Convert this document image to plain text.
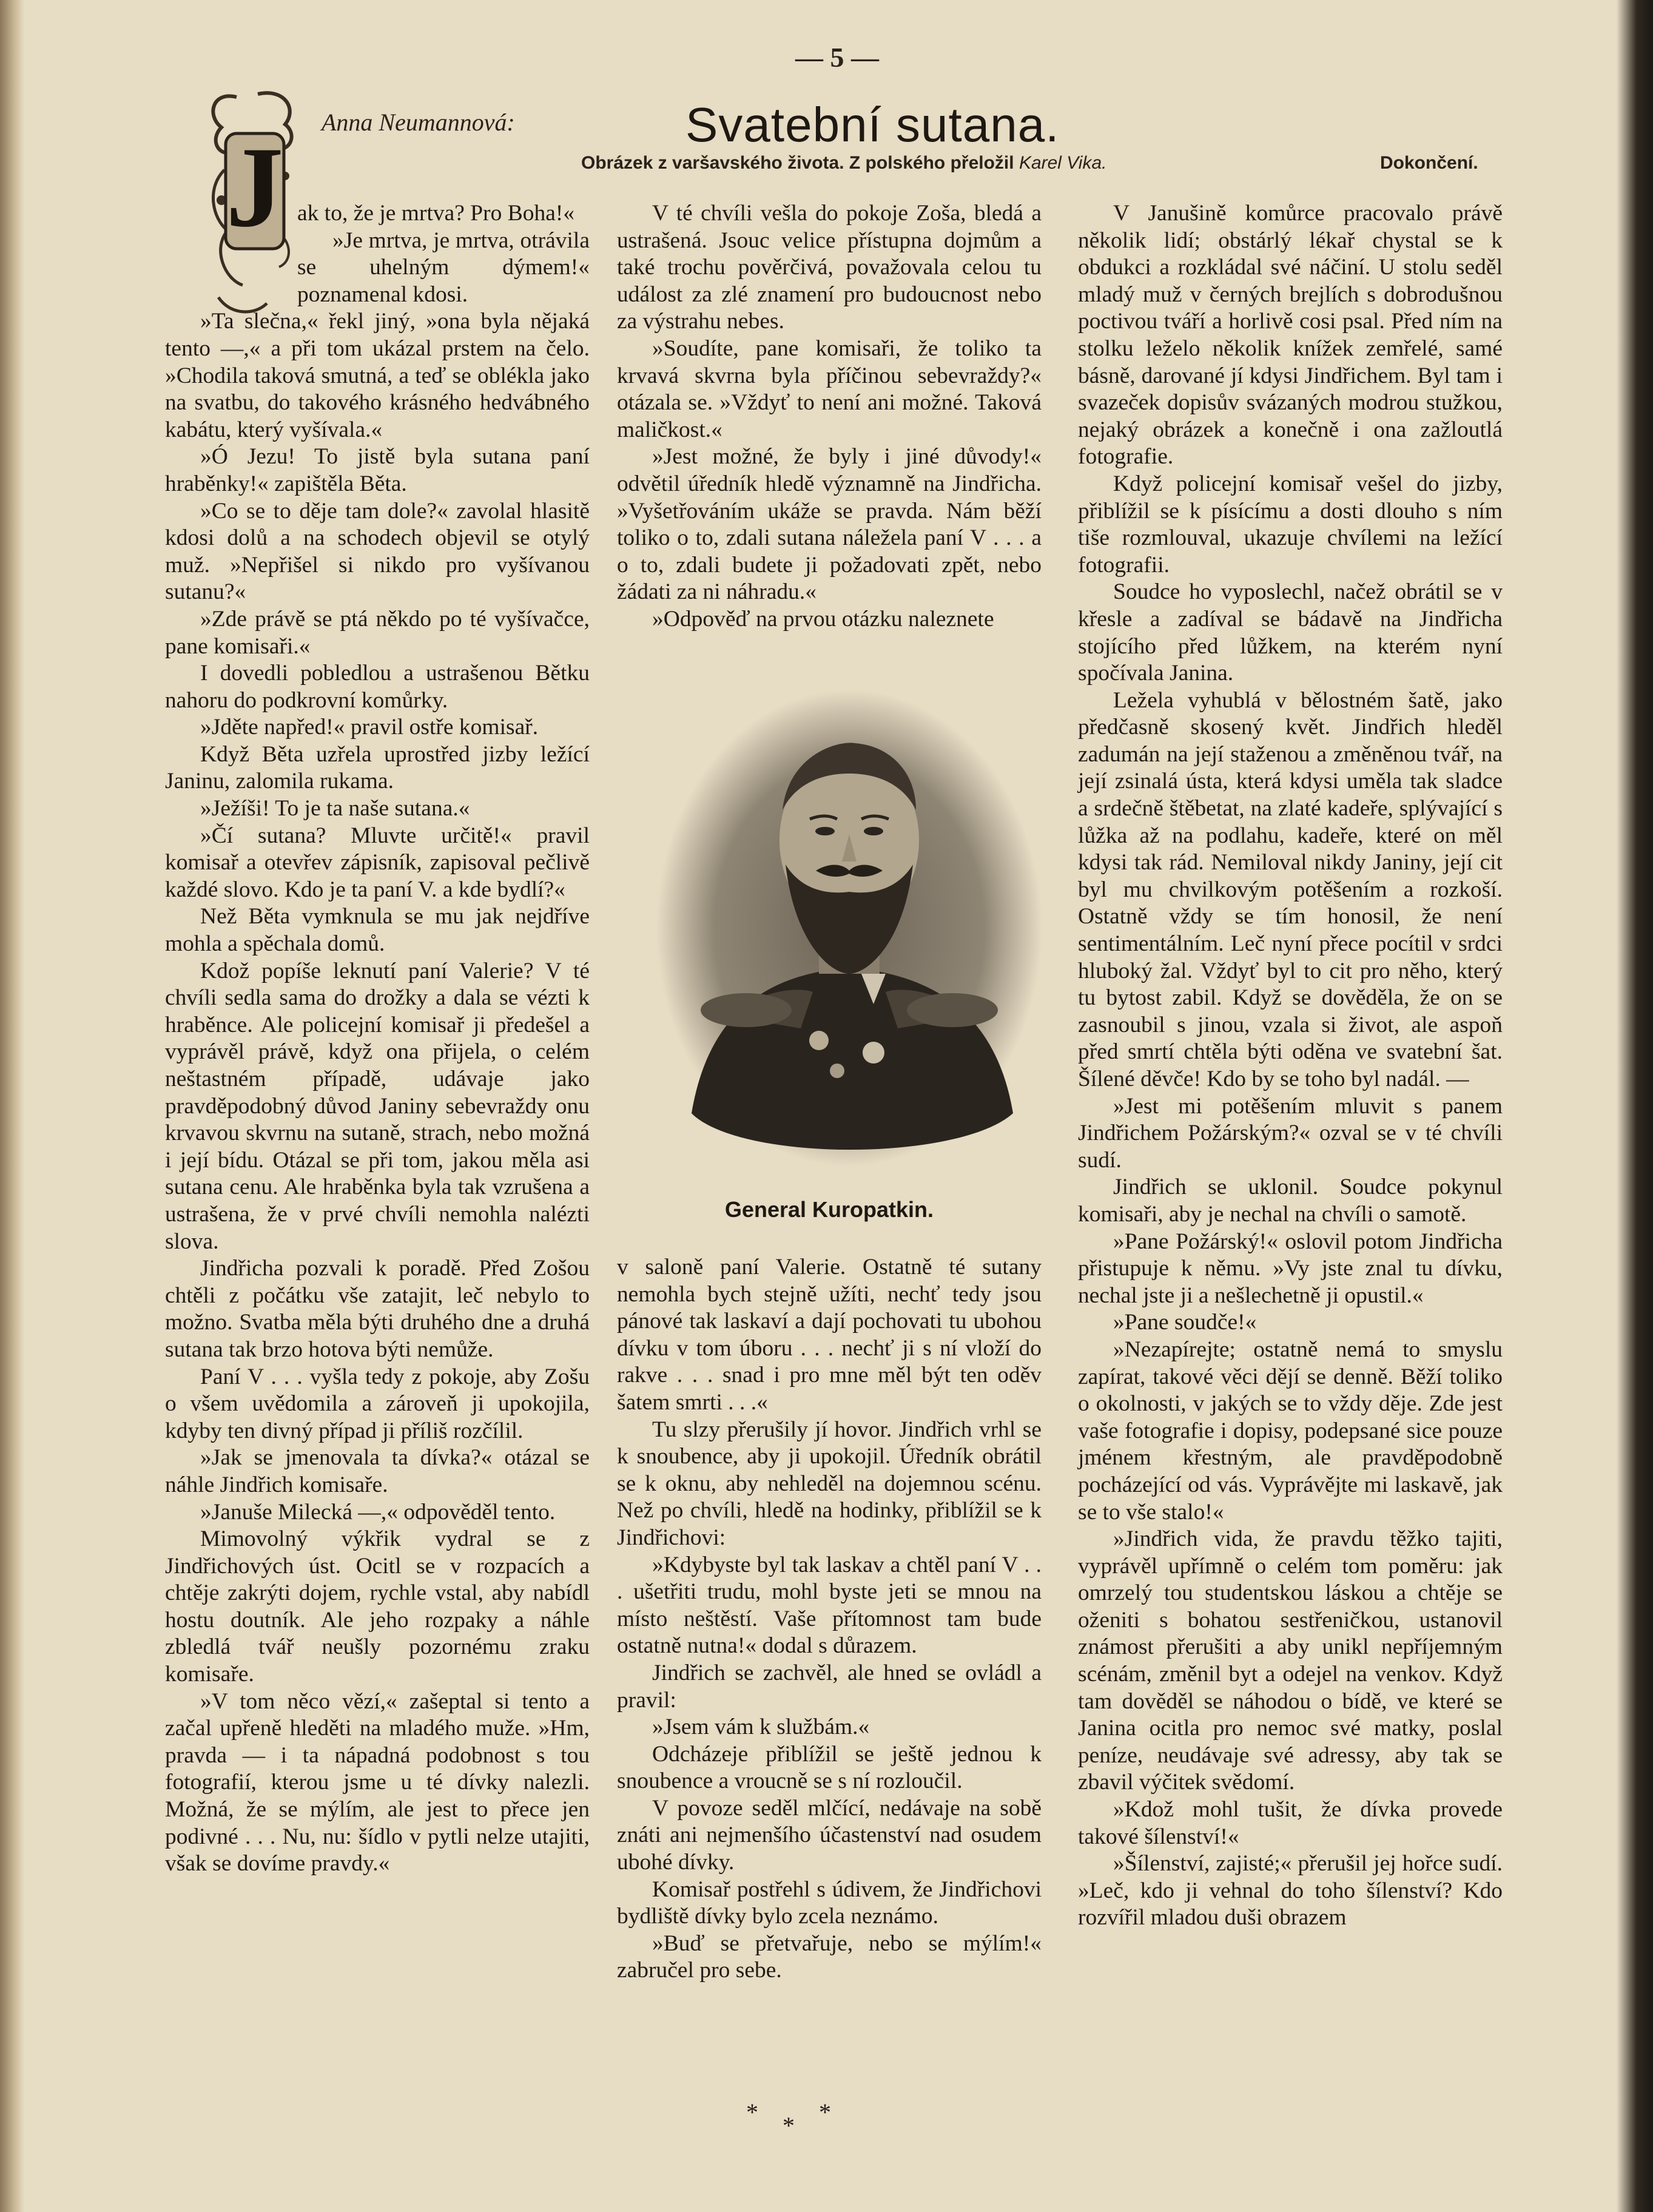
— 5 —
Anna Neumannová:	Svatební sutana.
Obrázek z varšavského života. Z polského přeložil Karel Vika.	Dokončení.
J ak to, že je mrtva? Pro Boha!«

»Je mrtva, je mrtva, otrávila se uhelným dýmem!« poznamenal kdosi.

»Ta slečna,« řekl jiný, »ona byla nějaká tento —,« a při tom ukázal prstem na čelo. »Chodila taková smutná, a teď se oblékla jako na svatbu, do takového krásného hedvábného kabátu, který vyšívala.«

»Ó Jezu! To jistě byla sutana paní hraběnky!« zapištěla Běta.

»Co se to děje tam dole?« zavolal hlasitě kdosi dolů a na schodech objevil se otylý muž. »Nepřišel si nikdo pro vyšívanou sutanu?«

»Zde právě se ptá někdo po té vyšívačce, pane komisaři.«

I dovedli pobledlou a ustrašenou Bětku nahoru do podkrovní komůrky.

»Jděte napřed!« pravil ostře komisař.

Když Běta uzřela uprostřed jizby ležící Janinu, zalomila rukama.

»Ježíši! To je ta naše sutana.«

»Čí sutana? Mluvte určitě!« pravil komisař a otevřev zápisník, zapisoval pečlivě každé slovo. Kdo je ta paní V. a kde bydlí?«

Než Běta vymknula se mu jak nejdříve mohla a spěchala domů.

Kdož popíše leknutí paní Valerie? V té chvíli sedla sama do drožky a dala se vézti k hraběnce. Ale policejní komisař ji předešel a vyprávěl právě, když ona přijela, o celém neštastném případě, udávaje jako pravděpodobný důvod Janiny sebevraždy onu krvavou skvrnu na sutaně, strach, nebo možná i její bídu. Otázal se při tom, jakou měla asi sutana cenu. Ale hraběnka byla tak vzrušena a ustrašena, že v prvé chvíli nemohla nalézti slova.

Jindřicha pozvali k poradě. Před Zošou chtěli z počátku vše zatajit, leč nebylo to možno. Svatba měla býti druhého dne a druhá sutana tak brzo hotova býti nemůže.

Paní V . . . vyšla tedy z pokoje, aby Zošu o všem uvědomila a zároveň ji upokojila, kdyby ten divný případ ji příliš rozčílil.

»Jak se jmenovala ta dívka?« otázal se náhle Jindřich komisaře.

»Januše Milecká —,« odpověděl tento.

Mimovolný výkřik vydral se z Jindřichových úst. Ocitl se v rozpacích a chtěje zakrýti dojem, rychle vstal, aby nabídl hostu doutník. Ale jeho rozpaky a náhle zbledlá tvář neušly pozornému zraku komisaře.

»V tom něco vězí,« zašeptal si tento a začal upřeně hleděti na mladého muže. »Hm, pravda — i ta nápadná podobnost s tou fotografií, kterou jsme u té dívky nalezli. Možná, že se mýlím, ale jest to přece jen podivné . . . Nu, nu: šídlo v pytli nelze utajiti, však se dovíme pravdy.«

V té chvíli vešla do pokoje Zoša, bledá a ustrašená. Jsouc velice přístupna dojmům a také trochu pověrčivá, považovala celou tu událost za zlé znamení pro budoucnost nebo za výstrahu nebes.

»Soudíte, pane komisaři, že toliko ta krvavá skvrna byla příčinou sebevraždy?« otázala se. »Vždyť to není ani možné. Taková maličkost.«

»Jest možné, že byly i jiné důvody!« odvětil úředník hledě významně na Jindřicha. »Vyšetřováním ukáže se pravda. Nám běží toliko o to, zdali sutana náležela paní V . . . a o to, zdali budete ji požadovati zpět, nebo žádati za ni náhradu.«

»Odpověď na prvou otázku naleznete

General Kuropatkin.

v saloně paní Valerie. Ostatně té sutany nemohla bych stejně užíti, nechť tedy jsou pánové tak laskaví a dají pochovati tu ubohou dívku v tom úboru . . . nechť ji s ní vloží do rakve . . . snad i pro mne měl být ten oděv šatem smrti . . .«

Tu slzy přerušily jí hovor. Jindřich vrhl se k snoubence, aby ji upokojil. Úředník obrátil se k oknu, aby nehleděl na dojemnou scénu. Než po chvíli, hledě na hodinky, přiblížil se k Jindřichovi:

»Kdybyste byl tak laskav a chtěl paní V . . . ušetřiti trudu, mohl byste jeti se mnou na místo neštěstí. Vaše přítomnost tam bude ostatně nutna!« dodal s důrazem.

Jindřich se zachvěl, ale hned se ovládl a pravil:

»Jsem vám k službám.«

Odcházeje přiblížil se ještě jednou k snoubence a vroucně se s ní rozloučil.

V povoze seděl mlčící, nedávaje na sobě znáti ani nejmenšího účastenství nad osudem ubohé dívky.

Komisař postřehl s údivem, že Jindřichovi bydliště dívky bylo zcela neznámo.

»Buď se přetvařuje, nebo se mýlím!« zabručel pro sebe.

* * *

V Janušině komůrce pracovalo právě několik lidí; obstárlý lékař chystal se k obdukci a rozkládal své náčiní. U stolu seděl mladý muž v černých brejlích s dobrodušnou poctivou tváří a horlivě cosi psal. Před ním na stolku leželo několik knížek zemřelé, samé básně, darované jí kdysi Jindřichem. Byl tam i svazeček dopisův svázaných modrou stužkou, nejaký obrázek a konečně i ona zažloutlá fotografie.

Když policejní komisař vešel do jizby, přiblížil se k písícímu a dosti dlouho s ním tiše rozmlouval, ukazuje chvílemi na ležící fotografii.

Soudce ho vyposlechl, načež obrátil se v křesle a zadíval se bádavě na Jindřicha stojícího před lůžkem, na kterém nyní spočívala Janina.

Ležela vyhublá v bělostném šatě, jako předčasně skosený květ. Jindřich hleděl zadumán na její staženou a změněnou tvář, na její zsinalá ústa, která kdysi uměla tak sladce a srdečně štěbetat, na zlaté kadeře, splývající s lůžka až na podlahu, kadeře, které on měl kdysi tak rád. Nemiloval nikdy Janiny, její cit byl mu chvilkovým potěšením a rozkoší. Ostatně vždy se tím honosil, že není sentimentálním. Leč nyní přece pocítil v srdci hluboký žal. Vždyť byl to cit pro něho, který tu bytost zabil. Když se dověděla, že on se zasnoubil s jinou, vzala si život, ale aspoň před smrtí chtěla býti oděna ve svatební šat. Šílené děvče! Kdo by se toho byl nadál. —

»Jest mi potěšením mluvit s panem Jindřichem Požárským?« ozval se v té chvíli sudí.

Jindřich se uklonil. Soudce pokynul komisaři, aby je nechal na chvíli o samotě.

»Pane Požárský!« oslovil potom Jindřicha přistupuje k němu. »Vy jste znal tu dívku, nechal jste ji a nešlechetně ji opustil.«

»Pane soudče!«

»Nezapírejte; ostatně nemá to smyslu zapírat, takové věci dějí se denně. Běží toliko o okolnosti, v jakých se to vždy děje. Zde jest vaše fotografie i dopisy, podepsané sice pouze jménem křestným, ale pravděpodobně pocházející od vás. Vyprávějte mi laskavě, jak se to vše stalo!«

»Jindřich vida, že pravdu těžko tajiti, vyprávěl upřímně o celém tom poměru: jak omrzelý tou studentskou láskou a chtěje se oženiti s bohatou sestřeničkou, ustanovil známost přerušiti a aby unikl nepříjemným scénám, změnil byt a odejel na venkov. Když tam dověděl se náhodou o bídě, ve které se Janina ocitla pro nemoc své matky, poslal peníze, neudávaje své adressy, aby tak se zbavil výčitek svědomí.

»Kdož mohl tušit, že dívka provede takové šílenství!«

»Šílenství, zajisté;« přerušil jej hořce sudí. »Leč, kdo ji vehnal do toho šílenství? Kdo rozvířil mladou duši obrazem
